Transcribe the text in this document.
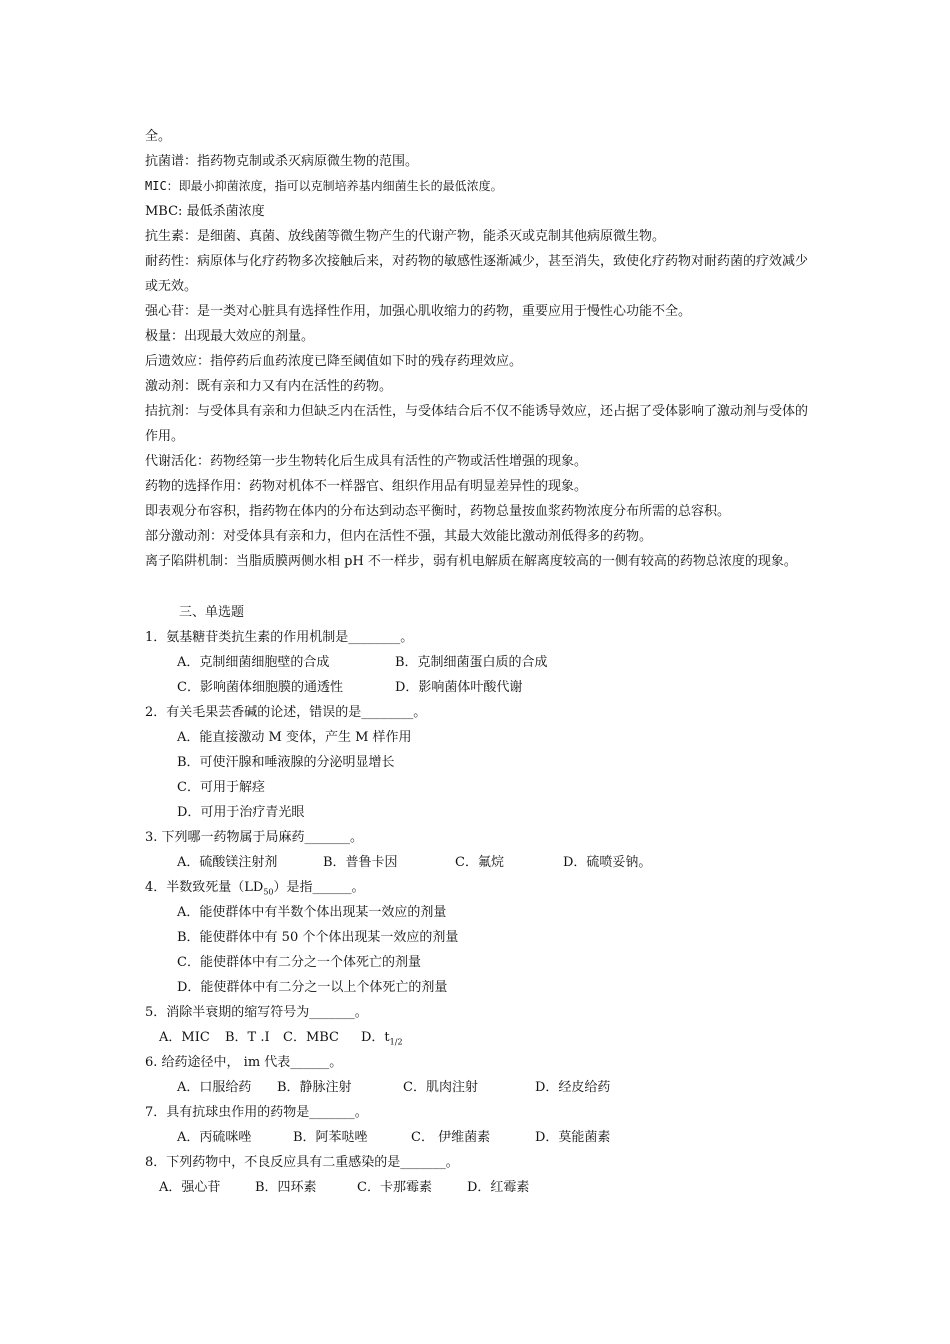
全。
抗菌谱：指药物克制或杀灭病原微生物的范围。
MIC：即最小抑菌浓度，指可以克制培养基内细菌生长的最低浓度。
MBC: 最低杀菌浓度
抗生素：是细菌、真菌、放线菌等微生物产生的代谢产物，能杀灭或克制其他病原微生物。
耐药性：病原体与化疗药物多次接触后来，对药物的敏感性逐渐减少，甚至消失，致使化疗药物对耐药菌的疗效减少或无效。
强心苷：是一类对心脏具有选择性作用，加强心肌收缩力的药物，重要应用于慢性心功能不全。
极量：出现最大效应的剂量。
后遗效应：指停药后血药浓度已降至阈值如下时的残存药理效应。
激动剂：既有亲和力又有内在活性的药物。
拮抗剂：与受体具有亲和力但缺乏内在活性，与受体结合后不仅不能诱导效应，还占据了受体影响了激动剂与受体的作用。
代谢活化：药物经第一步生物转化后生成具有活性的产物或活性增强的现象。
药物的选择作用：药物对机体不一样器官、组织作用品有明显差异性的现象。
即表观分布容积，指药物在体内的分布达到动态平衡时，药物总量按血浆药物浓度分布所需的总容积。
部分激动剂：对受体具有亲和力，但内在活性不强，其最大效能比激动剂低得多的药物。
离子陷阱机制：当脂质膜两侧水相 pH 不一样步，弱有机电解质在解离度较高的一侧有较高的药物总浓度的现象。
三、单选题
1．氨基糖苷类抗生素的作用机制是________。
A．克制细菌细胞壁的合成	B．克制细菌蛋白质的合成
C．影响菌体细胞膜的通透性	D．影响菌体叶酸代谢
2．有关毛果芸香碱的论述，错误的是________。
A．能直接激动 M 变体，产生 M 样作用
B．可使汗腺和唾液腺的分泌明显增长
C．可用于解痉
D．可用于治疗青光眼
3. 下列哪一药物属于局麻药_______。
A．硫酸镁注射剂	B．普鲁卡因	C．氟烷	D．硫喷妥钠。
4．半数致死量$(LD_{50})$是指______。
A．能使群体中有半数个体出现某一效应的剂量
B．能使群体中有 50 个个体出现某一效应的剂量
C．能使群体中有二分之一个体死亡的剂量
D．能使群体中有二分之一以上个体死亡的剂量
5．消除半衰期的缩写符号为_______。
A．MIC	B．T .I	C．MBC	D．$t_{1/2}$
6. 给药途径中， im 代表______。
A．口服给药	B．静脉注射	C．肌肉注射	D．经皮给药
7．具有抗球虫作用的药物是_______。
A．丙硫咪唑	B．阿苯哒唑	C． 伊维菌素	D．莫能菌素
8．下列药物中，不良反应具有二重感染的是_______。
A．强心苷	B．四环素	C．卡那霉素	D．红霉素
